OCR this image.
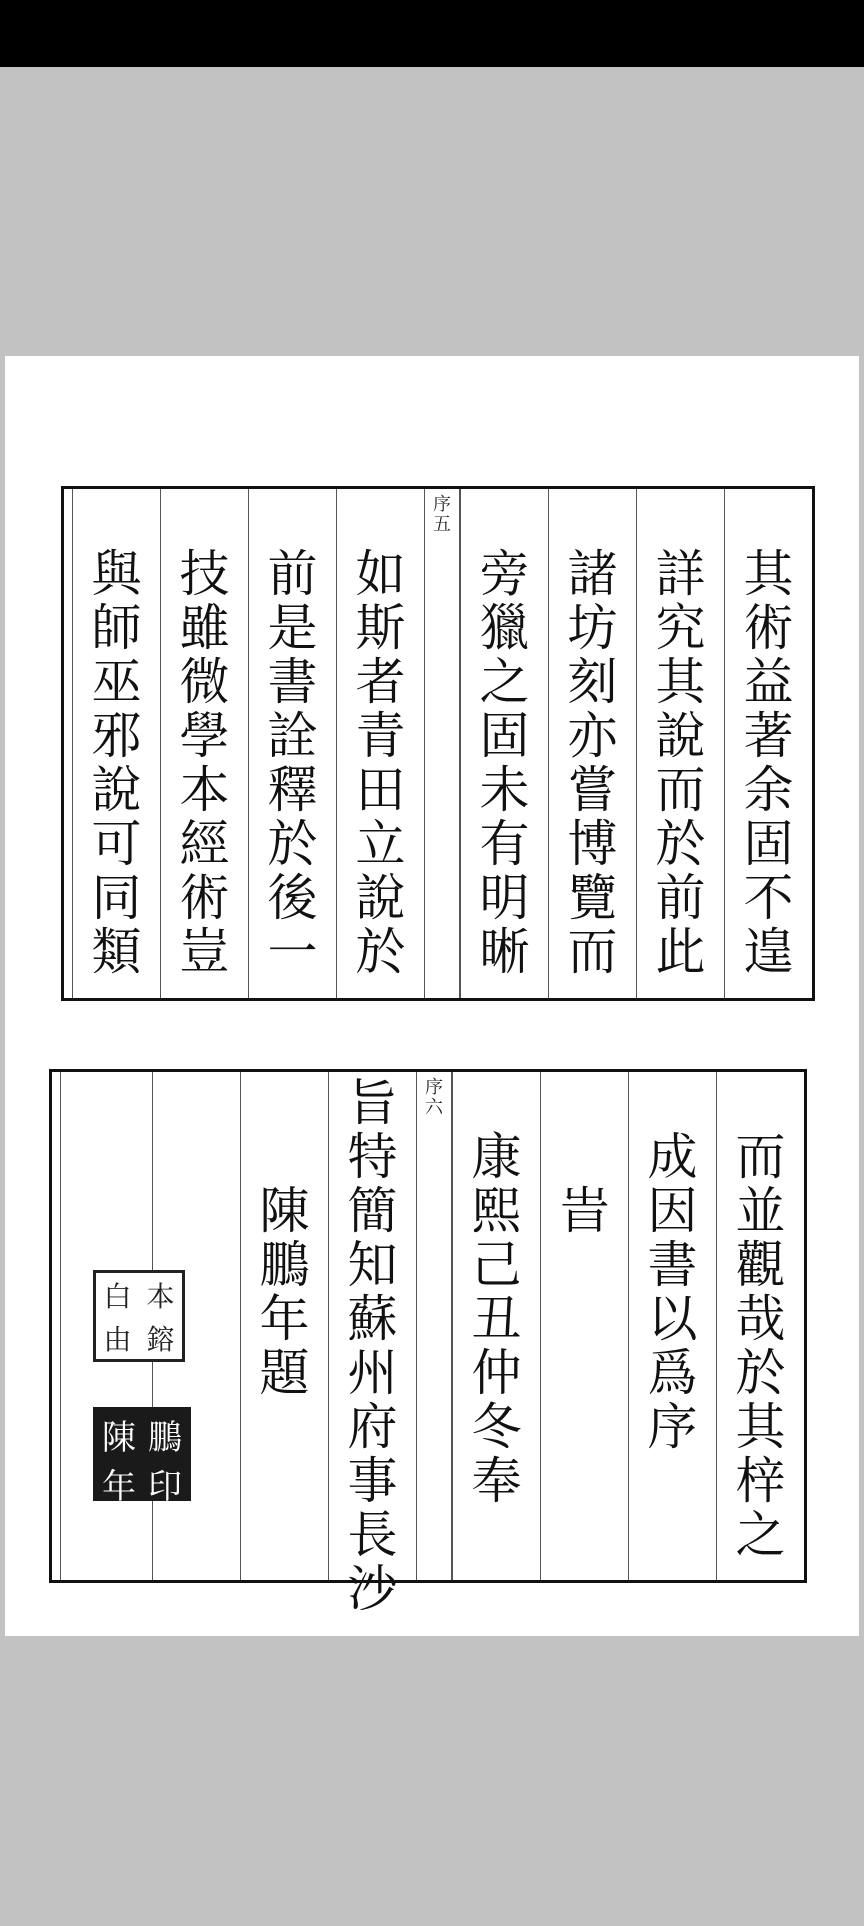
其
術
益
著
余
固
不
遑
詳
究
其
說
而
於
前
此
諸
坊
刻
亦
嘗
博
覽
而
旁
獵
之
固
未
有
明
晰
序
五
如
斯
者
青
田
立
說
於
前
是
書
詮
釋
於
後
一
技
雖
微
學
本
經
術
豈
與
師
巫
邪
說
可
同
類
而
並
觀
哉
於
其
梓
之
成
因
書
以
爲
序
旹
康
熙
己
丑
仲
冬
奉
序
六
旨
特
簡
知
蘇
州
府
事
長
沙
陳
鵬
年
題
白 本
由 鎔
陳 鵬
年 印
